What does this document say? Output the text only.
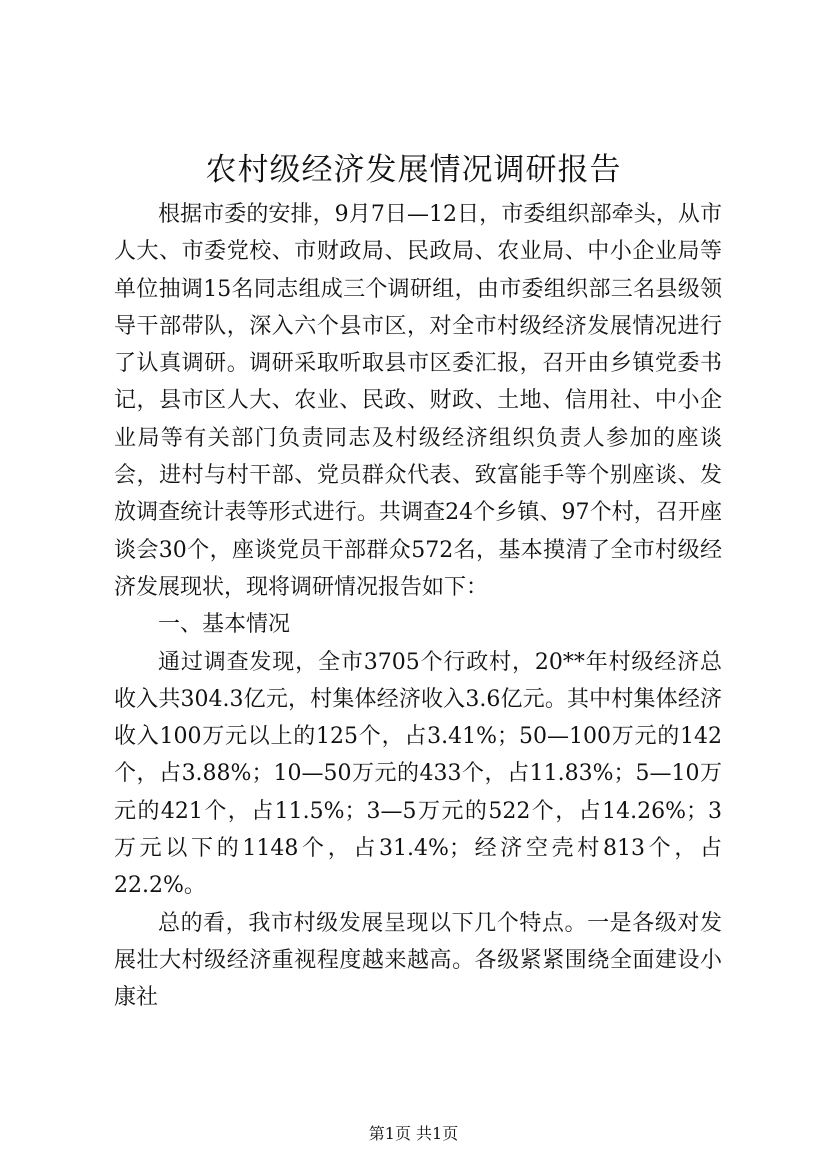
农村级经济发展情况调研报告

根据市委的安排，9月7日—12日，市委组织部牵头，从市人大、市委党校、市财政局、民政局、农业局、中小企业局等单位抽调15名同志组成三个调研组，由市委组织部三名县级领导干部带队，深入六个县市区，对全市村级经济发展情况进行了认真调研。调研采取听取县市区委汇报，召开由乡镇党委书记，县市区人大、农业、民政、财政、土地、信用社、中小企业局等有关部门负责同志及村级经济组织负责人参加的座谈会，进村与村干部、党员群众代表、致富能手等个别座谈、发放调查统计表等形式进行。共调查24个乡镇、97个村，召开座谈会30个，座谈党员干部群众572名，基本摸清了全市村级经济发展现状，现将调研情况报告如下：

一、基本情况

通过调查发现，全市3705个行政村，20**年村级经济总收入共304.3亿元，村集体经济收入3.6亿元。其中村集体经济收入100万元以上的125个，占3.41%；50—100万元的142个，占3.88%；10—50万元的433个，占11.83%；5—10万元的421个，占11.5%；3—5万元的522个，占14.26%；3万元以下的1148个，占31.4%；经济空壳村813个，占22.2%。

总的看，我市村级发展呈现以下几个特点。一是各级对发展壮大村级经济重视程度越来越高。各级紧紧围绕全面建设小康社

第1页 共1页
